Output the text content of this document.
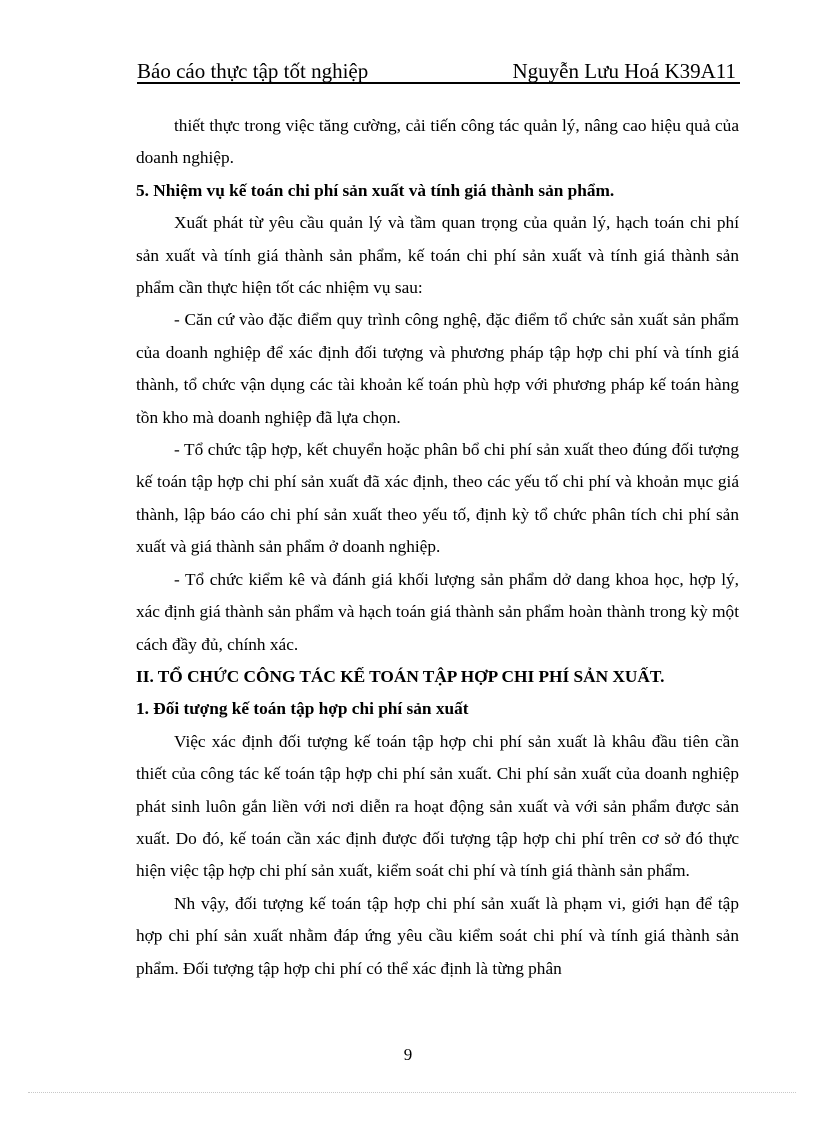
Báo cáo thực tập tốt nghiệp	Nguyễn Lưu Hoá K39A11

thiết thực trong việc tăng cường, cải tiến công tác quản lý, nâng cao hiệu quả của doanh nghiệp.

5. Nhiệm vụ kế toán chi phí sản xuất và tính giá thành sản phẩm.

Xuất phát từ yêu cầu quản lý và tầm quan trọng của quản lý, hạch toán chi phí sản xuất và tính giá thành sản phẩm, kế toán chi phí sản xuất và tính giá thành sản phẩm cần thực hiện tốt các nhiệm vụ sau:

- Căn cứ vào đặc điểm quy trình công nghệ, đặc điểm tổ chức sản xuất sản phẩm của doanh nghiệp để xác định đối tượng và phương pháp tập hợp chi phí và tính giá thành, tổ chức vận dụng các tài khoản kế toán phù hợp với phương pháp kế toán hàng tồn kho mà doanh nghiệp đã lựa chọn.

- Tổ chức tập hợp, kết chuyển hoặc phân bổ chi phí sản xuất theo đúng đối tượng kế toán tập hợp chi phí sản xuất đã xác định, theo các yếu tố chi phí và khoản mục giá thành, lập báo cáo chi phí sản xuất theo yếu tố, định kỳ tổ chức phân tích chi phí sản xuất và giá thành sản phẩm ở doanh nghiệp.

- Tổ chức kiểm kê và đánh giá khối lượng sản phẩm dở dang khoa học, hợp lý, xác định giá thành sản phẩm và hạch toán giá thành sản phẩm hoàn thành trong kỳ một cách đầy đủ, chính xác.

II. TỔ CHỨC CÔNG TÁC KẾ TOÁN TẬP HỢP CHI PHÍ SẢN XUẤT.

1. Đối tượng kế toán tập hợp chi phí sản xuất

Việc xác định đối tượng kế toán tập hợp chi phí sản xuất là khâu đầu tiên cần thiết của công tác kế toán tập hợp chi phí sản xuất. Chi phí sản xuất của doanh nghiệp phát sinh luôn gắn liền với nơi diễn ra hoạt động sản xuất và với sản phẩm được sản xuất. Do đó, kế toán cần xác định được đối tượng tập hợp chi phí trên cơ sở đó thực hiện việc tập hợp chi phí sản xuất, kiểm soát chi phí và tính giá thành sản phẩm.

Nh vậy, đối tượng kế toán tập hợp chi phí sản xuất là phạm vi, giới hạn để tập hợp chi phí sản xuất nhằm đáp ứng yêu cầu kiểm soát chi phí và tính giá thành sản phẩm. Đối tượng tập hợp chi phí có thể xác định là từng phân

9
